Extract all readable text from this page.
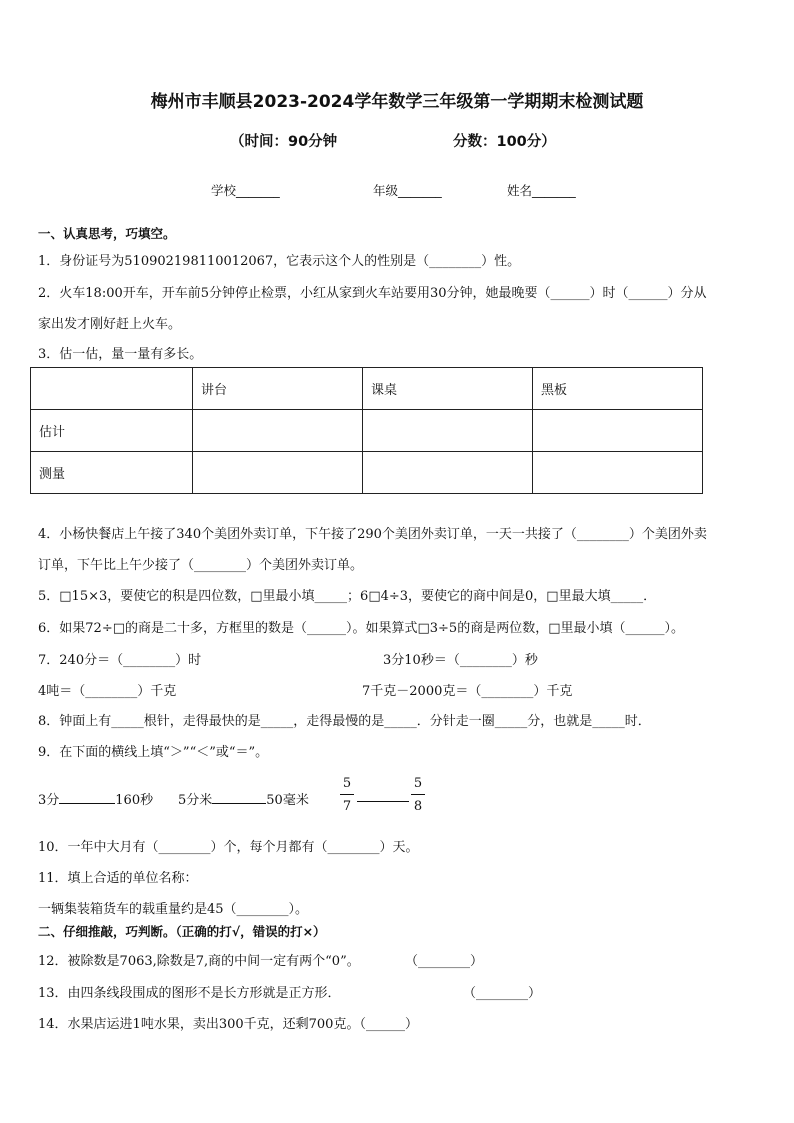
梅州市丰顺县2023-2024学年数学三年级第一学期期末检测试题
（时间：90分钟	分数：100分）
学校_______	年级_______	姓名_______
一、认真思考，巧填空。
1．身份证号为510902198110012067，它表示这个人的性别是（________）性。
2．火车18:00开车，开车前5分钟停止检票，小红从家到火车站要用30分钟，她最晚要（______）时（______）分从
家出发才刚好赶上火车。
3．估一估，量一量有多长。
	讲台	课桌	黑板
估计			
测量			
4．小杨快餐店上午接了340个美团外卖订单，下午接了290个美团外卖订单，一天一共接了（________）个美团外卖
订单，下午比上午少接了（________）个美团外卖订单。
5．□15×3，要使它的积是四位数，□里最小填_____；6□4÷3，要使它的商中间是0，□里最大填_____．
6．如果72÷□的商是二十多，方框里的数是（______）。如果算式□3÷5的商是两位数，□里最小填（______）。
7．240分＝（________）时	3分10秒＝（________）秒
4吨＝（________）千克	7千克－2000克＝（________）千克
8．钟面上有_____根针，走得最快的是_____，走得最慢的是_____．分针走一圈_____分，也就是_____时．
9．在下面的横线上填“＞”“＜”或“＝”。
3分	160秒 5分米	50毫米
5
7
5
8
10．一年中大月有（________）个，每个月都有（________）天。
11．填上合适的单位名称：
一辆集装箱货车的载重量约是45（________）。
二、仔细推敲，巧判断。（正确的打√，错误的打×）
12．被除数是7063,除数是7,商的中间一定有两个“0”。	（________）
13．由四条线段围成的图形不是长方形就是正方形．	（________）
14．水果店运进1吨水果，卖出300千克，还剩700克。（______）
